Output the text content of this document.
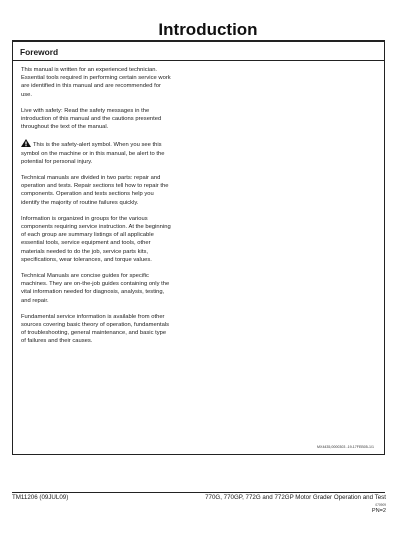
Introduction
Foreword

This manual is written for an experienced technician.
Essential tools required in performing certain service work
are identified in this manual and are recommended for
use.

Live with safety: Read the safety messages in the
introduction of this manual and the cautions presented
throughout the text of the manual.

This is the safety-alert symbol. When you see this
symbol on the machine or in this manual, be alert to the
potential for personal injury.

Technical manuals are divided in two parts: repair and
operation and tests. Repair sections tell how to repair the
components. Operation and tests sections help you
identify the majority of routine failures quickly.

Information is organized in groups for the various
components requiring service instruction. At the beginning
of each group are summary listings of all applicable
essential tools, service equipment and tools, other
materials needed to do the job, service parts kits,
specifications, wear tolerances, and torque values.

Technical Manuals are concise guides for specific
machines. They are on-the-job guides containing only the
vital information needed for diagnosis, analysis, testing,
and repair.

Fundamental service information is available from other
sources covering basic theory of operation, fundamentals
of troubleshooting, general maintenance, and basic type
of failures and their causes.

MX4435,0000303 -19-17FEB05-1/1
TM11206 (09JUL09)	770G, 770GP, 772G and 772GP Motor Grader Operation and Test
070909
PN=2
